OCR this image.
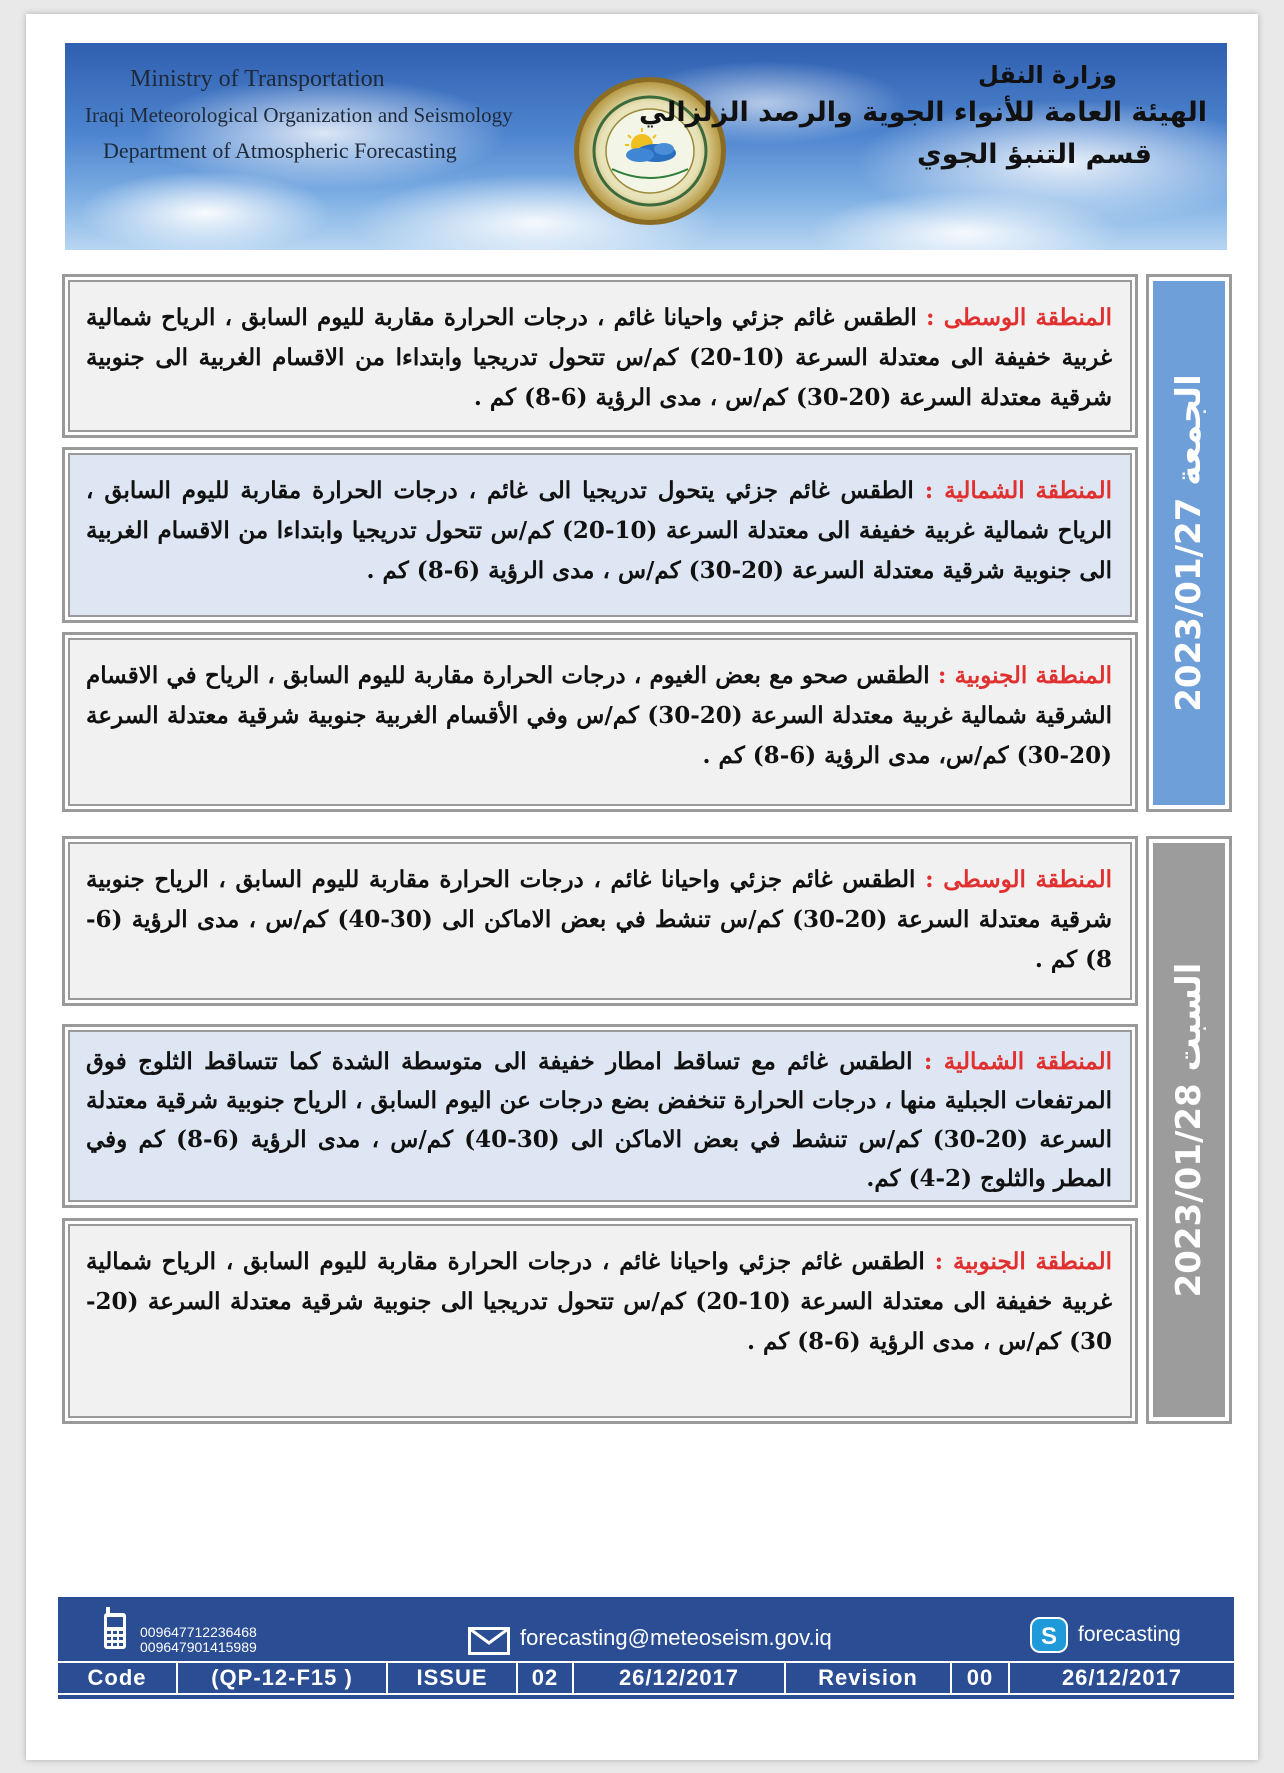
Ministry of Transportation
Iraqi Meteorological Organization and Seismology
Department of Atmospheric Forecasting
وزارة النقل
الهيئة العامة للأنواء الجوية والرصد الزلزالي
قسم التنبؤ الجوي
المنطقة الوسطى : الطقس غائم جزئي واحيانا غائم ، درجات الحرارة مقاربة لليوم السابق ، الرياح شمالية غربية خفيفة الى معتدلة السرعة (10-20) كم/س تتحول تدريجيا وابتداءا من الاقسام الغربية الى جنوبية شرقية معتدلة السرعة (20-30) كم/س ، مدى الرؤية (6-8) كم .
المنطقة الشمالية : الطقس غائم جزئي يتحول تدريجيا الى غائم ، درجات الحرارة مقاربة لليوم السابق ، الرياح شمالية غربية خفيفة الى معتدلة السرعة (10-20) كم/س تتحول تدريجيا وابتداءا من الاقسام الغربية الى جنوبية شرقية معتدلة السرعة (20-30) كم/س ، مدى الرؤية (6-8) كم .
المنطقة الجنوبية : الطقس صحو مع بعض الغيوم ، درجات الحرارة مقاربة لليوم السابق ، الرياح في الاقسام الشرقية شمالية غربية معتدلة السرعة (20-30) كم/س وفي الأقسام الغربية جنوبية شرقية معتدلة السرعة (20-30) كم/س، مدى الرؤية (6-8) كم .
الجمعة 2023/01/27
المنطقة الوسطى : الطقس غائم جزئي واحيانا غائم ، درجات الحرارة مقاربة لليوم السابق ، الرياح جنوبية شرقية معتدلة السرعة (20-30) كم/س تنشط في بعض الاماكن الى (30-40) كم/س ، مدى الرؤية (6-8) كم .
المنطقة الشمالية : الطقس غائم مع تساقط امطار خفيفة الى متوسطة الشدة كما تتساقط الثلوج فوق المرتفعات الجبلية منها ، درجات الحرارة تنخفض بضع درجات عن اليوم السابق ، الرياح جنوبية شرقية معتدلة السرعة (20-30) كم/س تنشط في بعض الاماكن الى (30-40) كم/س ، مدى الرؤية (6-8) كم وفي المطر والثلوج (2-4) كم.
المنطقة الجنوبية : الطقس غائم جزئي واحيانا غائم ، درجات الحرارة مقاربة لليوم السابق ، الرياح شمالية غربية خفيفة الى معتدلة السرعة (10-20) كم/س تتحول تدريجيا الى جنوبية شرقية معتدلة السرعة (20-30) كم/س ، مدى الرؤية (6-8) كم .
السبت 2023/01/28
009647712236468
009647901415989	forecasting@meteoseism.gov.iq	S forecasting
Code	(QP-12-F15 )	ISSUE	02	26/12/2017	Revision	00	26/12/2017
